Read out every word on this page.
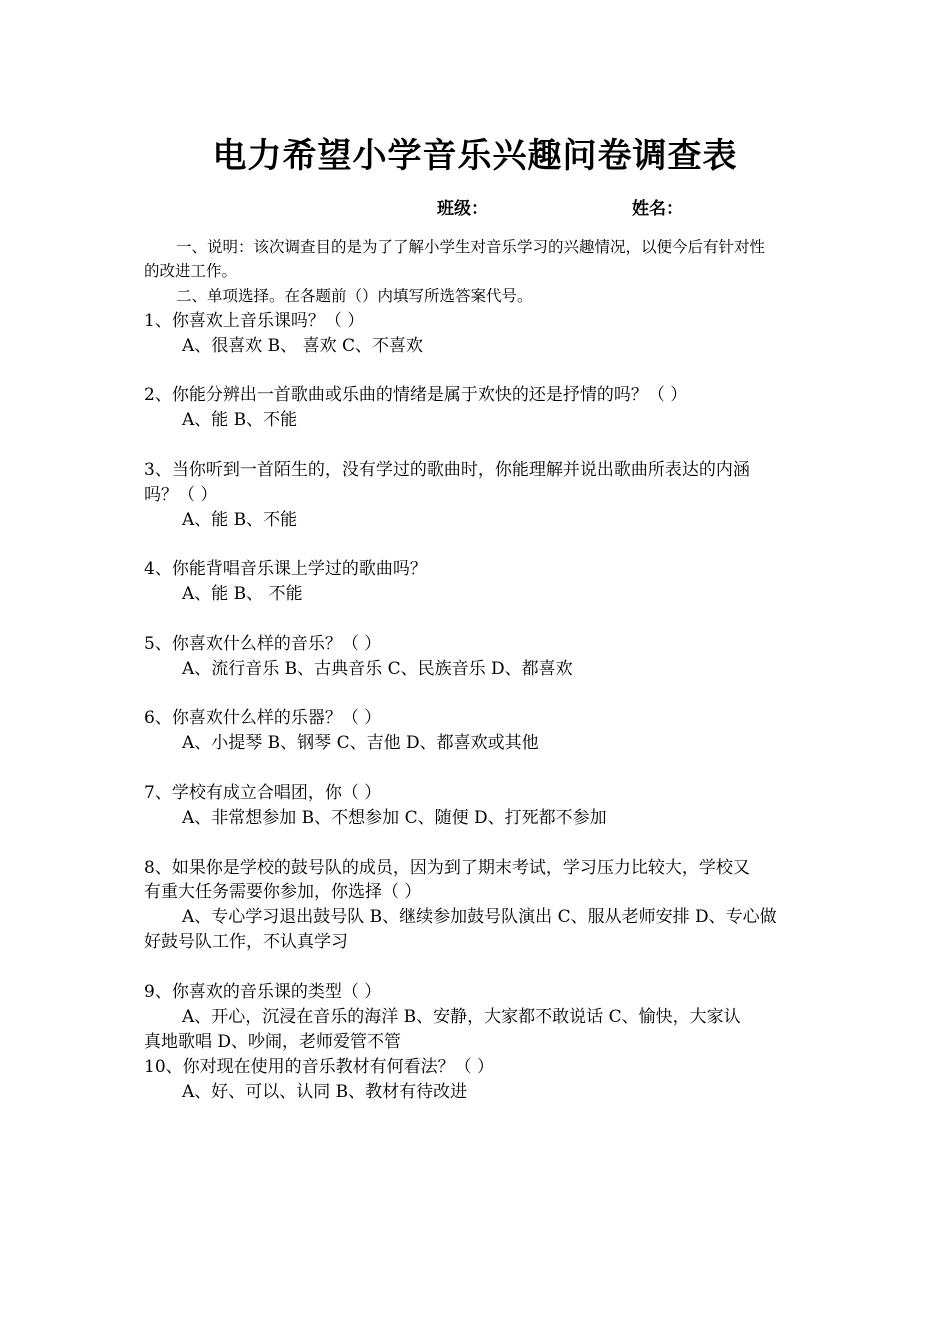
电力希望小学音乐兴趣问卷调查表
班级：	姓名：
一、说明：该次调查目的是为了了解小学生对音乐学习的兴趣情况，以便今后有针对性
的改进工作。
二、单项选择。在各题前（）内填写所选答案代号。
1、你喜欢上音乐课吗？（ ）
A、很喜欢 B、 喜欢 C、不喜欢
2、你能分辨出一首歌曲或乐曲的情绪是属于欢快的还是抒情的吗？（ ）
A、能 B、不能
3、当你听到一首陌生的，没有学过的歌曲时，你能理解并说出歌曲所表达的内涵
吗？（ ）
A、能 B、不能
4、你能背唱音乐课上学过的歌曲吗？
A、能 B、 不能
5、你喜欢什么样的音乐？（ ）
A、流行音乐 B、古典音乐 C、民族音乐 D、都喜欢
6、你喜欢什么样的乐器？（ ）
A、小提琴 B、钢琴 C、吉他 D、都喜欢或其他
7、学校有成立合唱团，你（ ）
A、非常想参加 B、不想参加 C、随便 D、打死都不参加
8、如果你是学校的鼓号队的成员，因为到了期末考试，学习压力比较大，学校又
有重大任务需要你参加，你选择（ ）
A、专心学习退出鼓号队 B、继续参加鼓号队演出 C、服从老师安排 D、专心做
好鼓号队工作，不认真学习
9、你喜欢的音乐课的类型（ ）
A、开心，沉浸在音乐的海洋 B、安静，大家都不敢说话 C、愉快，大家认
真地歌唱 D、吵闹，老师爱管不管
10、你对现在使用的音乐教材有何看法？（ ）
A、好、可以、认同 B、教材有待改进
